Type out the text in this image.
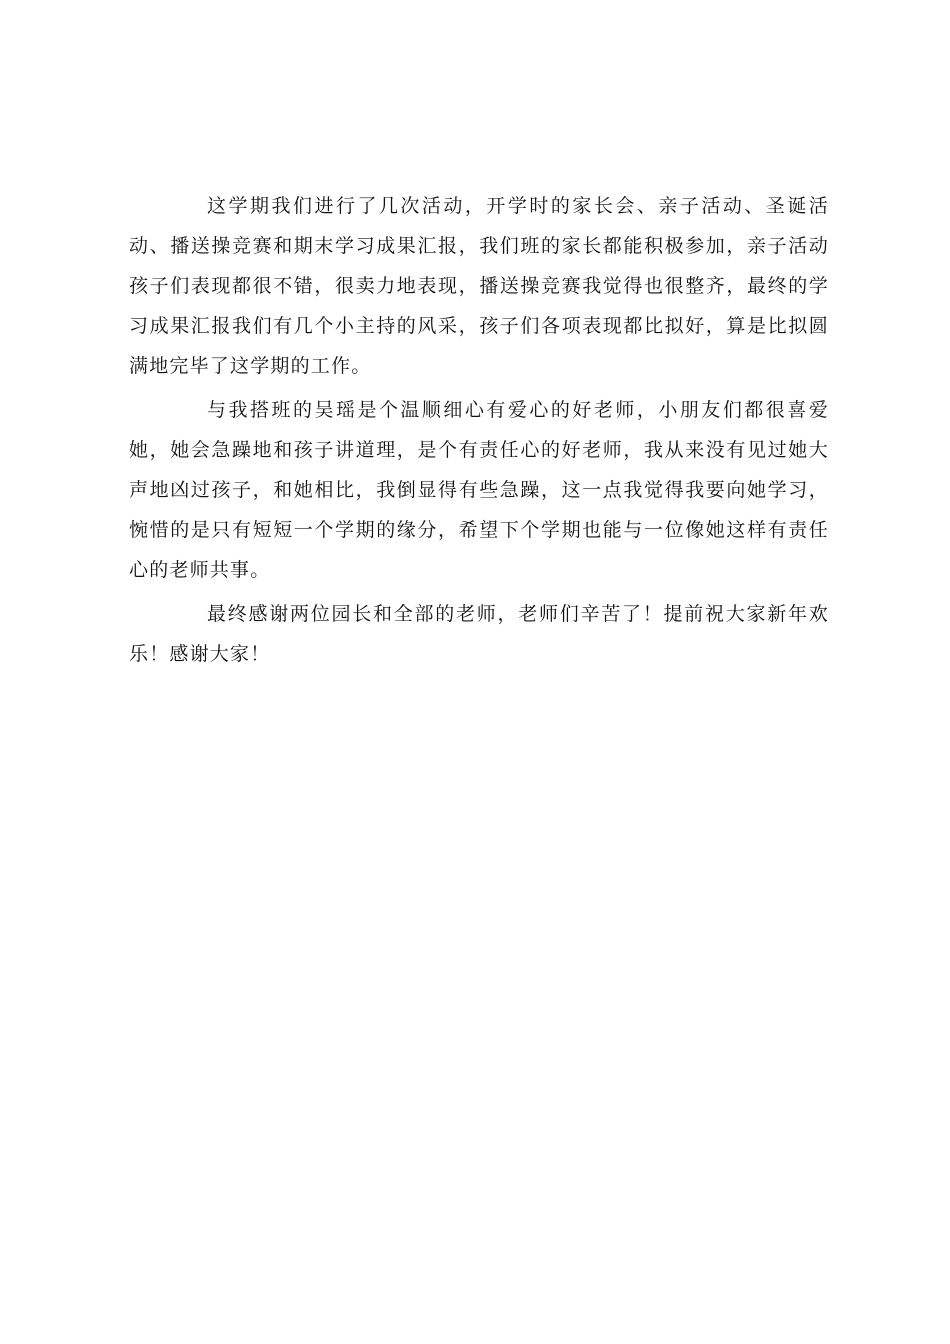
这学期我们进行了几次活动，开学时的家长会、亲子活动、圣诞活动、播送操竞赛和期末学习成果汇报，我们班的家长都能积极参加，亲子活动孩子们表现都很不错，很卖力地表现，播送操竞赛我觉得也很整齐，最终的学习成果汇报我们有几个小主持的风采，孩子们各项表现都比拟好，算是比拟圆满地完毕了这学期的工作。

与我搭班的吴瑶是个温顺细心有爱心的好老师，小朋友们都很喜爱她，她会急躁地和孩子讲道理，是个有责任心的好老师，我从来没有见过她大声地凶过孩子，和她相比，我倒显得有些急躁，这一点我觉得我要向她学习，惋惜的是只有短短一个学期的缘分，希望下个学期也能与一位像她这样有责任心的老师共事。

最终感谢两位园长和全部的老师，老师们辛苦了！提前祝大家新年欢乐！感谢大家！
